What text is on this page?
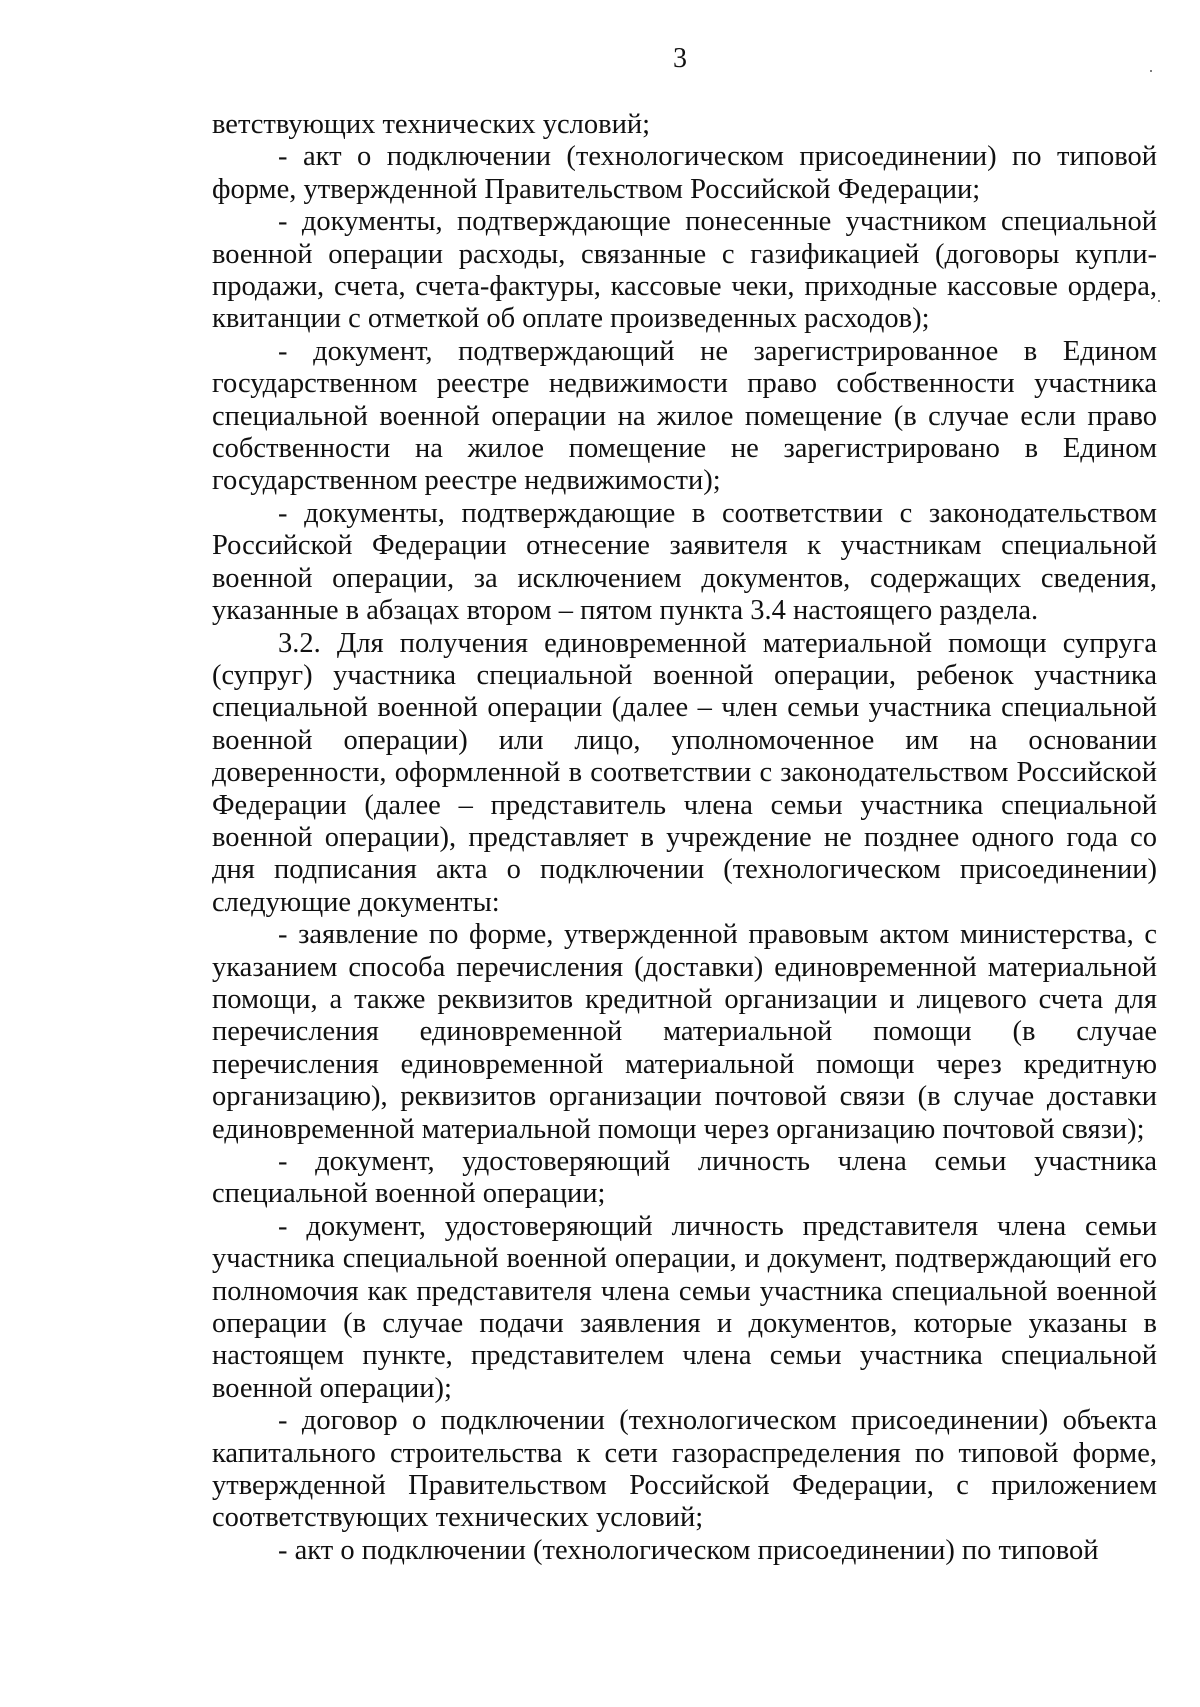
3

ветствующих технических условий;

- акт о подключении (технологическом присоединении) по типовой форме, утвержденной Правительством Российской Федерации;

- документы, подтверждающие понесенные участником специальной военной операции расходы, связанные с газификацией (договоры купли-продажи, счета, счета-фактуры, кассовые чеки, приходные кассовые ордера, квитанции с отметкой об оплате произведенных расходов);

- документ, подтверждающий не зарегистрированное в Едином государственном реестре недвижимости право собственности участника специальной военной операции на жилое помещение (в случае если право собственности на жилое помещение не зарегистрировано в Едином государственном реестре недвижимости);

- документы, подтверждающие в соответствии с законодательством Российской Федерации отнесение заявителя к участникам специальной военной операции, за исключением документов, содержащих сведения, указанные в абзацах втором – пятом пункта 3.4 настоящего раздела.

3.2. Для получения единовременной материальной помощи супруга (супруг) участника специальной военной операции, ребенок участника специальной военной операции (далее – член семьи участника специальной военной операции) или лицо, уполномоченное им на основании доверенности, оформленной в соответствии с законодательством Российской Федерации (далее – представитель члена семьи участника специальной военной операции), представляет в учреждение не позднее одного года со дня подписания акта о подключении (технологическом присоединении) следующие документы:

- заявление по форме, утвержденной правовым актом министерства, с указанием способа перечисления (доставки) единовременной материальной помощи, а также реквизитов кредитной организации и лицевого счета для перечисления единовременной материальной помощи (в случае перечисления единовременной материальной помощи через кредитную организацию), реквизитов организации почтовой связи (в случае доставки единовременной материальной помощи через организацию почтовой связи);

- документ, удостоверяющий личность члена семьи участника специальной военной операции;

- документ, удостоверяющий личность представителя члена семьи участника специальной военной операции, и документ, подтверждающий его полномочия как представителя члена семьи участника специальной военной операции (в случае подачи заявления и документов, которые указаны в настоящем пункте, представителем члена семьи участника специальной военной операции);

- договор о подключении (технологическом присоединении) объекта капитального строительства к сети газораспределения по типовой форме, утвержденной Правительством Российской Федерации, с приложением соответствующих технических условий;

- акт о подключении (технологическом присоединении) по типовой
